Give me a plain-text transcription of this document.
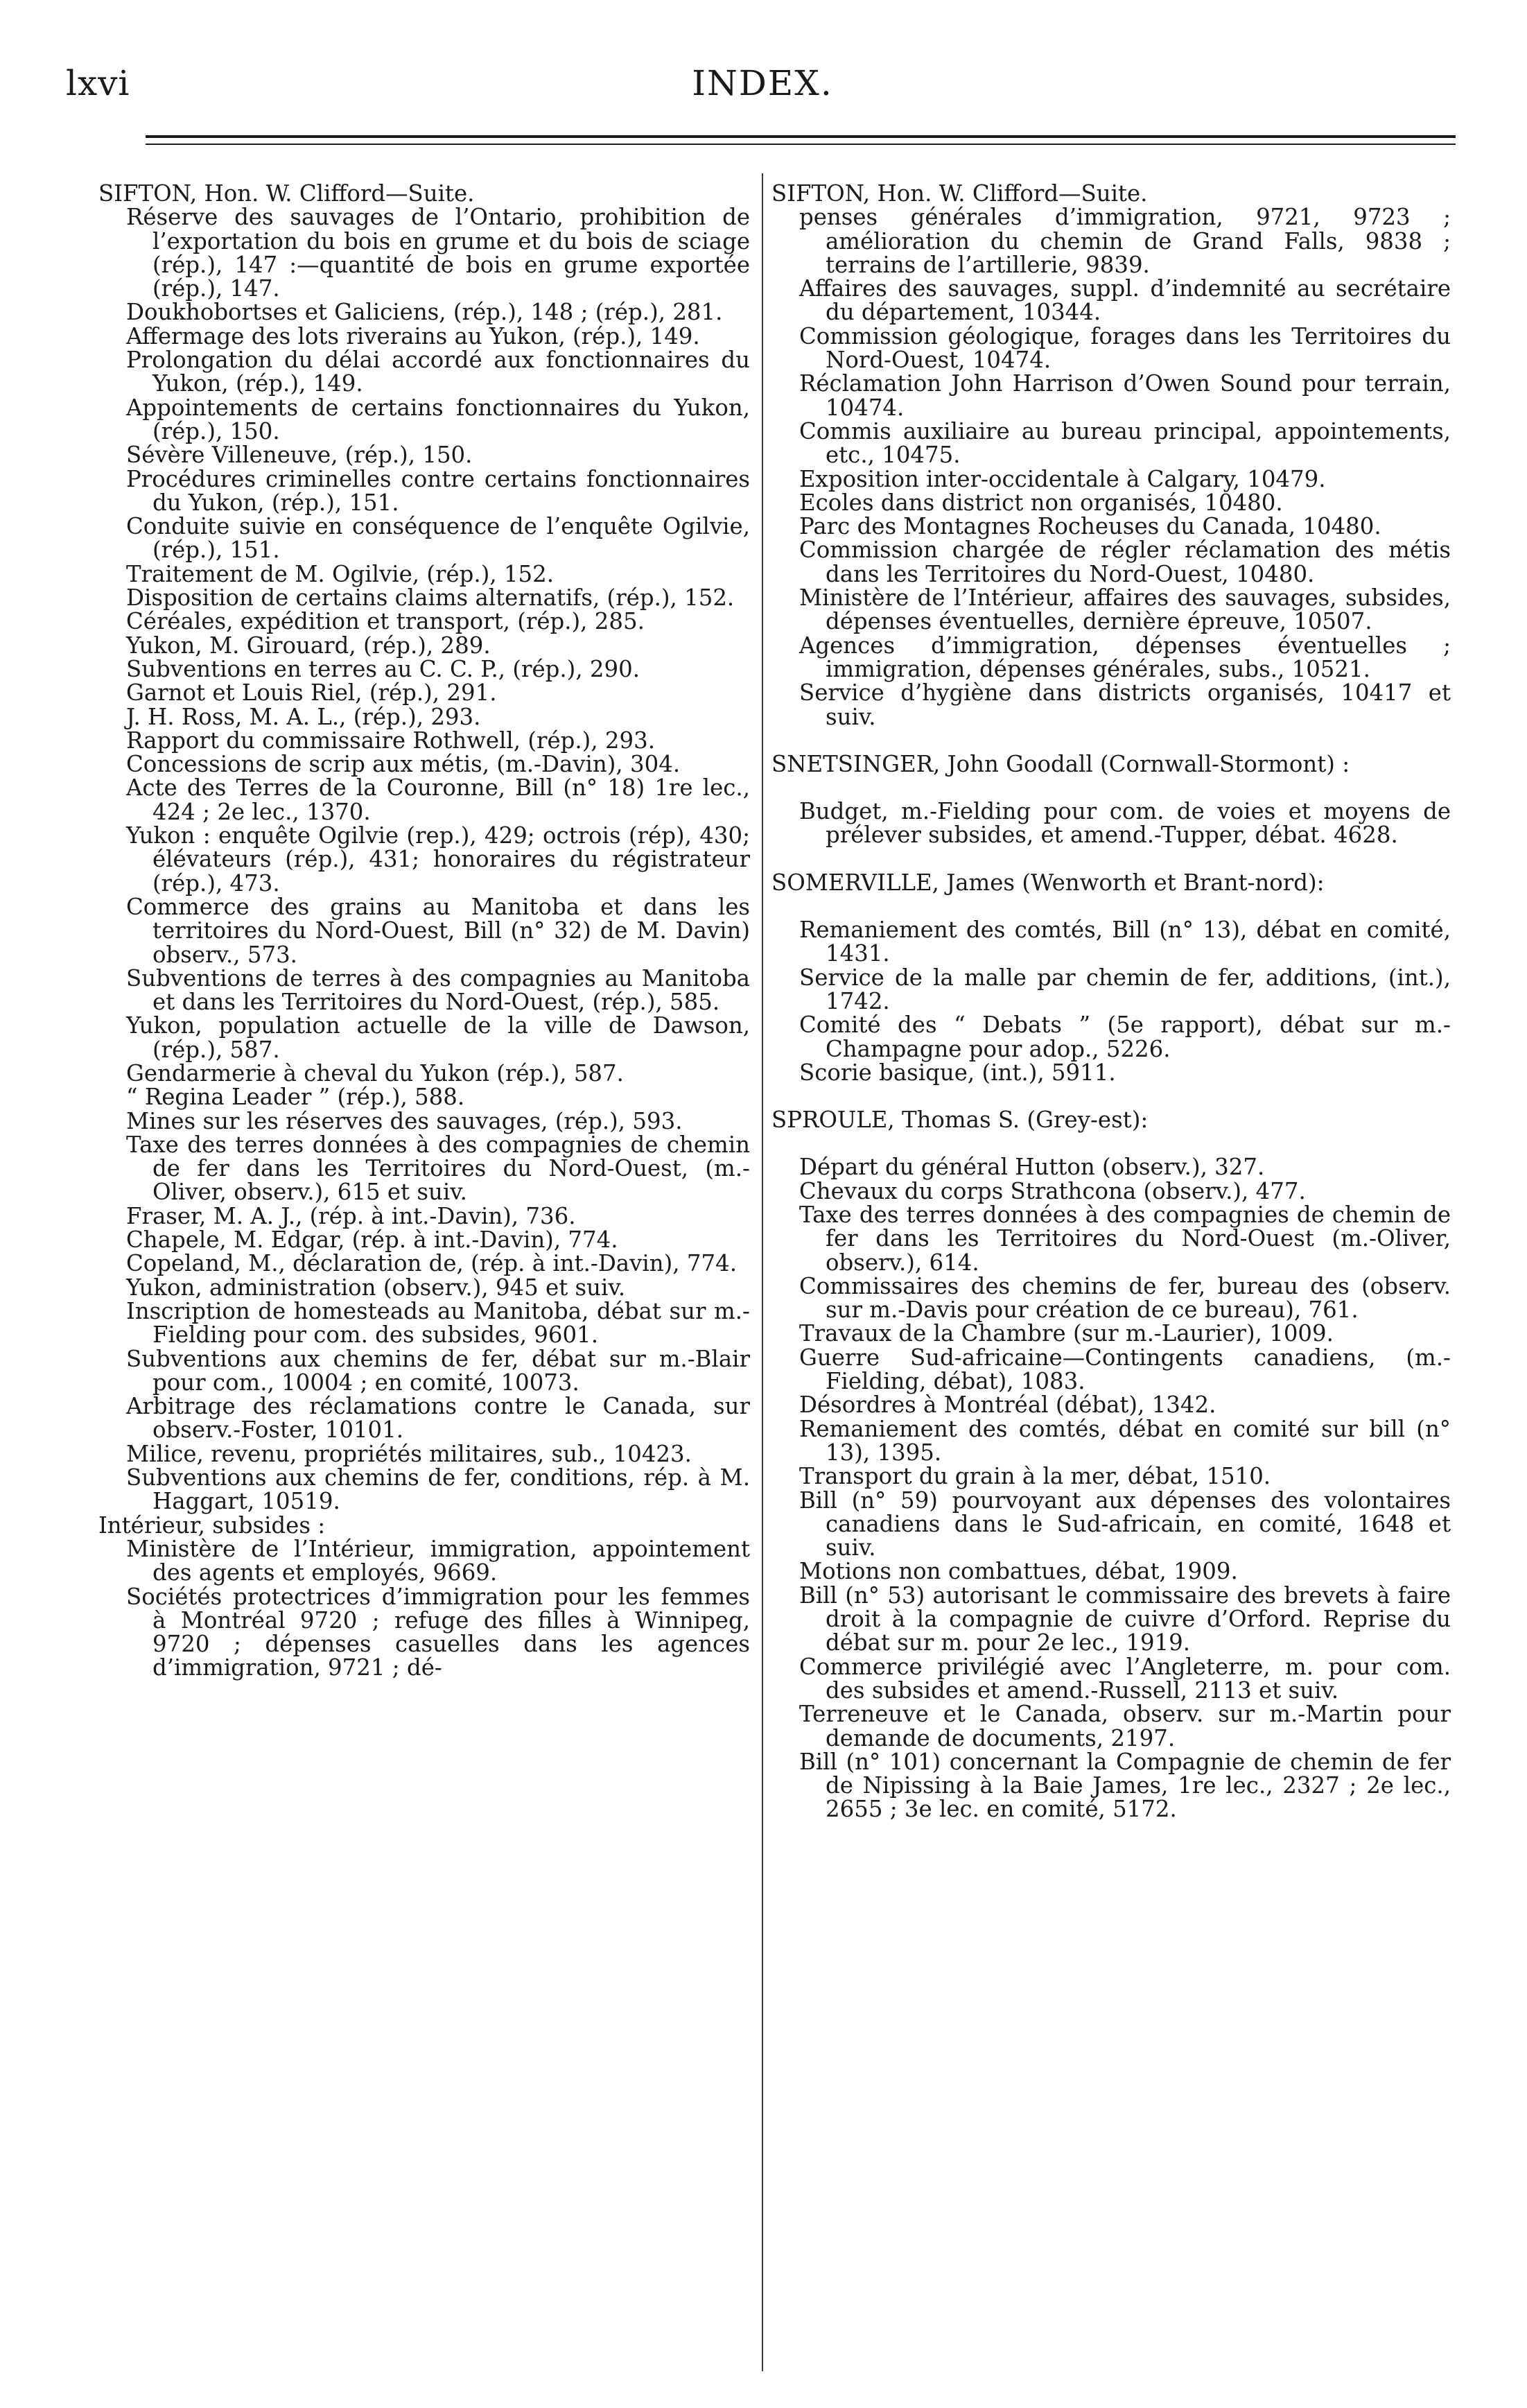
lxvi	INDEX.
SIFTON, Hon. W. Clifford—Suite.
Réserve des sauvages de l’Ontario, prohibition de l’exportation du bois en grume et du bois de sciage (rép.), 147 :—quantité de bois en grume exportée (rép.), 147.
Doukhobortses et Galiciens, (rép.), 148 ; (rép.), 281.
Affermage des lots riverains au Yukon, (rép.), 149.
Prolongation du délai accordé aux fonctionnaires du Yukon, (rép.), 149.
Appointements de certains fonctionnaires du Yukon, (rép.), 150.
Sévère Villeneuve, (rép.), 150.
Procédures criminelles contre certains fonctionnaires du Yukon, (rép.), 151.
Conduite suivie en conséquence de l’enquête Ogilvie, (rép.), 151.
Traitement de M. Ogilvie, (rép.), 152.
Disposition de certains claims alternatifs, (rép.), 152.
Céréales, expédition et transport, (rép.), 285.
Yukon, M. Girouard, (rép.), 289.
Subventions en terres au C. C. P., (rép.), 290.
Garnot et Louis Riel, (rép.), 291.
J. H. Ross, M. A. L., (rép.), 293.
Rapport du commissaire Rothwell, (rép.), 293.
Concessions de scrip aux métis, (m.-Davin), 304.
Acte des Terres de la Couronne, Bill (n° 18) 1re lec., 424 ; 2e lec., 1370.
Yukon : enquête Ogilvie (rep.), 429; octrois (rép), 430; élévateurs (rép.), 431; honoraires du régistrateur (rép.), 473.
Commerce des grains au Manitoba et dans les territoires du Nord-Ouest, Bill (n° 32) de M. Davin) observ., 573.
Subventions de terres à des compagnies au Manitoba et dans les Territoires du Nord-Ouest, (rép.), 585.
Yukon, population actuelle de la ville de Dawson, (rép.), 587.
Gendarmerie à cheval du Yukon (rép.), 587.
“ Regina Leader ” (rép.), 588.
Mines sur les réserves des sauvages, (rép.), 593.
Taxe des terres données à des compagnies de chemin de fer dans les Territoires du Nord-Ouest, (m.-Oliver, observ.), 615 et suiv.
Fraser, M. A. J., (rép. à int.-Davin), 736.
Chapele, M. Edgar, (rép. à int.-Davin), 774.
Copeland, M., déclaration de, (rép. à int.-Davin), 774.
Yukon, administration (observ.), 945 et suiv.
Inscription de homesteads au Manitoba, débat sur m.-Fielding pour com. des subsides, 9601.
Subventions aux chemins de fer, débat sur m.-Blair pour com., 10004 ; en comité, 10073.
Arbitrage des réclamations contre le Canada, sur observ.-Foster, 10101.
Milice, revenu, propriétés militaires, sub., 10423.
Subventions aux chemins de fer, conditions, rép. à M. Haggart, 10519.
Intérieur, subsides :
Ministère de l’Intérieur, immigration, appointement des agents et employés, 9669.
Sociétés protectrices d’immigration pour les femmes à Montréal 9720 ; refuge des filles à Winnipeg, 9720 ; dépenses casuelles dans les agences d’immigration, 9721 ; dé-
SIFTON, Hon. W. Clifford—Suite.
penses générales d’immigration, 9721, 9723 ; amélioration du chemin de Grand Falls, 9838 ; terrains de l’artillerie, 9839.
Affaires des sauvages, suppl. d’indemnité au secrétaire du département, 10344.
Commission géologique, forages dans les Territoires du Nord-Ouest, 10474.
Réclamation John Harrison d’Owen Sound pour terrain, 10474.
Commis auxiliaire au bureau principal, appointements, etc., 10475.
Exposition inter-occidentale à Calgary, 10479.
Ecoles dans district non organisés, 10480.
Parc des Montagnes Rocheuses du Canada, 10480.
Commission chargée de régler réclamation des métis dans les Territoires du Nord-Ouest, 10480.
Ministère de l’Intérieur, affaires des sauvages, subsides, dépenses éventuelles, dernière épreuve, 10507.
Agences d’immigration, dépenses éventuelles ; immigration, dépenses générales, subs., 10521.
Service d’hygiène dans districts organisés, 10417 et suiv.
SNETSINGER, John Goodall (Cornwall-Stormont) :
Budget, m.-Fielding pour com. de voies et moyens de prélever subsides, et amend.-Tupper, débat. 4628.
SOMERVILLE, James (Wenworth et Brant-nord):
Remaniement des comtés, Bill (n° 13), débat en comité, 1431.
Service de la malle par chemin de fer, additions, (int.), 1742.
Comité des “ Debats ” (5e rapport), débat sur m.-Champagne pour adop., 5226.
Scorie basique, (int.), 5911.
SPROULE, Thomas S. (Grey-est):
Départ du général Hutton (observ.), 327.
Chevaux du corps Strathcona (observ.), 477.
Taxe des terres données à des compagnies de chemin de fer dans les Territoires du Nord-Ouest (m.-Oliver, observ.), 614.
Commissaires des chemins de fer, bureau des (observ. sur m.-Davis pour création de ce bureau), 761.
Travaux de la Chambre (sur m.-Laurier), 1009.
Guerre Sud-africaine—Contingents canadiens, (m.-Fielding, débat), 1083.
Désordres à Montréal (débat), 1342.
Remaniement des comtés, débat en comité sur bill (n° 13), 1395.
Transport du grain à la mer, débat, 1510.
Bill (n° 59) pourvoyant aux dépenses des volontaires canadiens dans le Sud-africain, en comité, 1648 et suiv.
Motions non combattues, débat, 1909.
Bill (n° 53) autorisant le commissaire des brevets à faire droit à la compagnie de cuivre d’Orford. Reprise du débat sur m. pour 2e lec., 1919.
Commerce privilégié avec l’Angleterre, m. pour com. des subsides et amend.-Russell, 2113 et suiv.
Terreneuve et le Canada, observ. sur m.-Martin pour demande de documents, 2197.
Bill (n° 101) concernant la Compagnie de chemin de fer de Nipissing à la Baie James, 1re lec., 2327 ; 2e lec., 2655 ; 3e lec. en comité, 5172.
